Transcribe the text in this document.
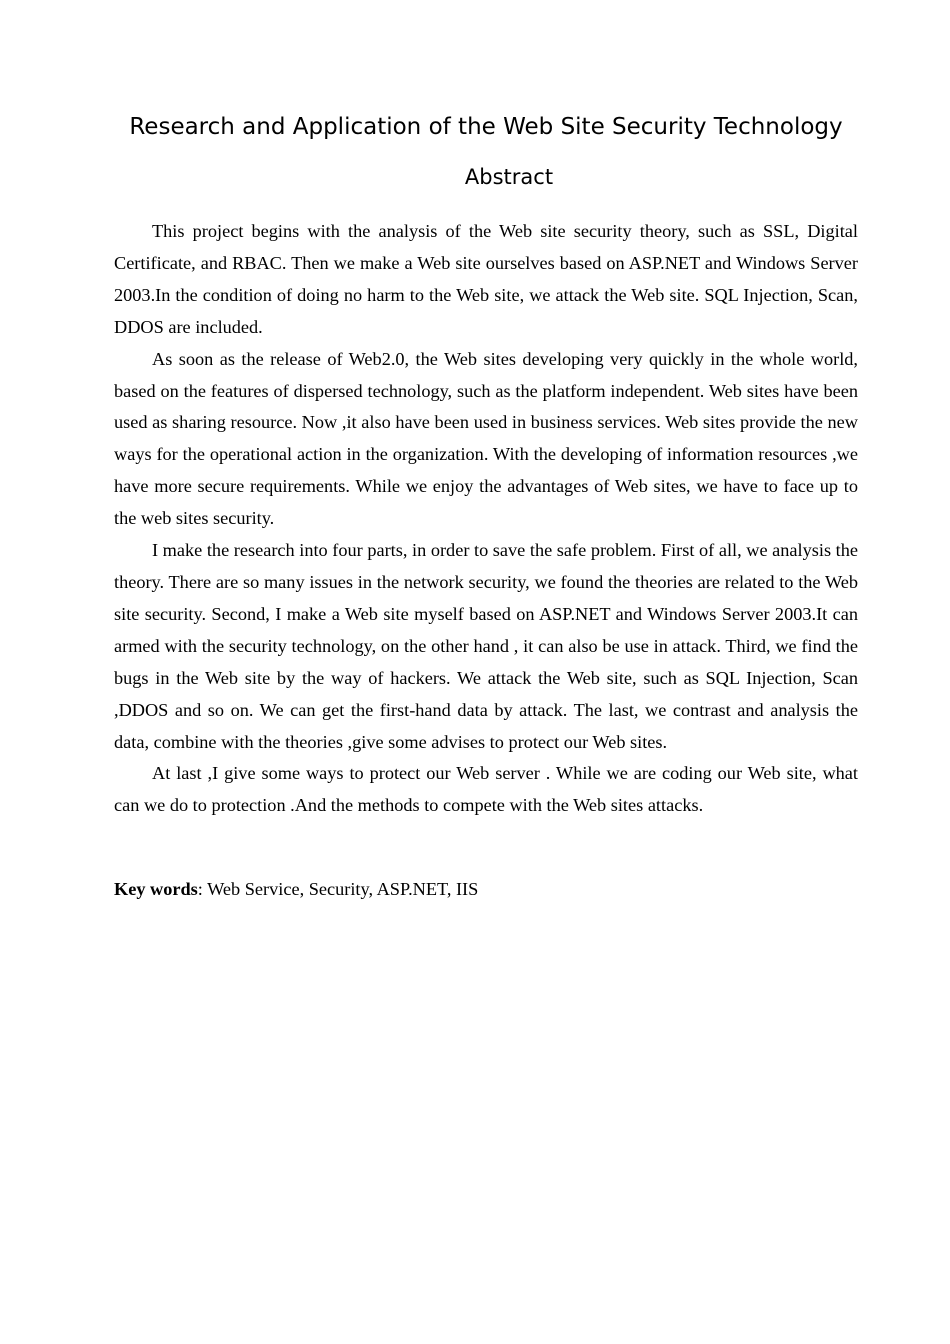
Research and Application of the Web Site Security Technology
Abstract

This project begins with the analysis of the Web site security theory, such as SSL, Digital Certificate, and RBAC. Then we make a Web site ourselves based on ASP.NET and Windows Server 2003.In the condition of doing no harm to the Web site, we attack the Web site. SQL Injection, Scan, DDOS are included.

As soon as the release of Web2.0, the Web sites developing very quickly in the whole world, based on the features of dispersed technology, such as the platform independent. Web sites have been used as sharing resource. Now ,it also have been used in business services. Web sites provide the new ways for the operational action in the organization. With the developing of information resources ,we have more secure requirements. While we enjoy the advantages of Web sites, we have to face up to the web sites security.

I make the research into four parts, in order to save the safe problem. First of all, we analysis the theory. There are so many issues in the network security, we found the theories are related to the Web site security. Second, I make a Web site myself based on ASP.NET and Windows Server 2003.It can armed with the security technology, on the other hand , it can also be use in attack. Third, we find the bugs in the Web site by the way of hackers. We attack the Web site, such as SQL Injection, Scan ,DDOS and so on. We can get the first-hand data by attack. The last, we contrast and analysis the data, combine with the theories ,give some advises to protect our Web sites.

At last ,I give some ways to protect our Web server . While we are coding our Web site, what can we do to protection .And the methods to compete with the Web sites attacks.

Key words: Web Service, Security, ASP.NET, IIS
